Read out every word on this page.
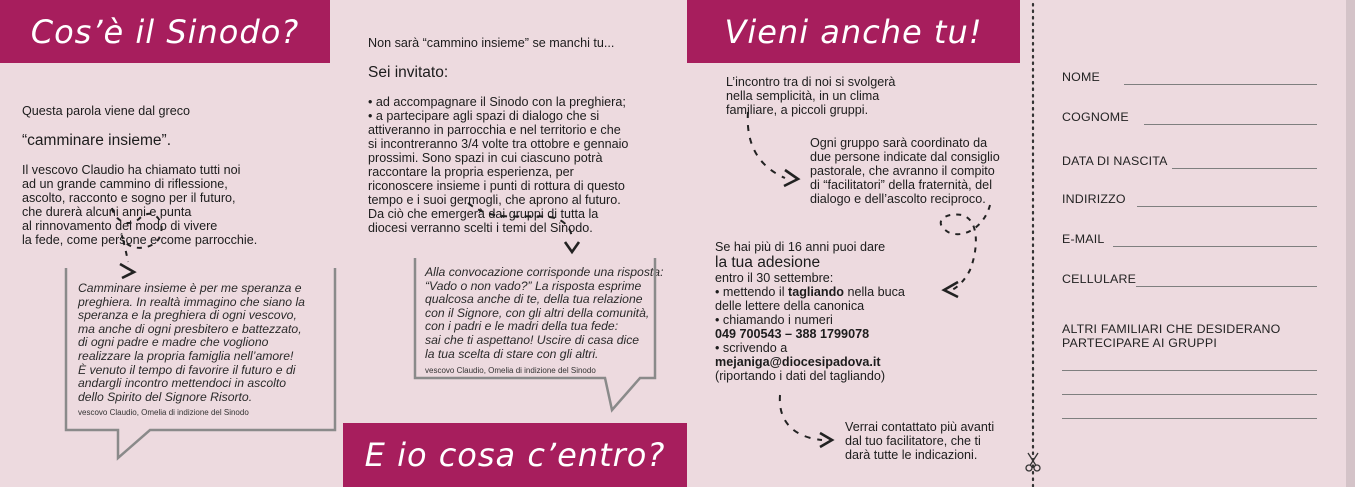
Cos’è il Sinodo?

Questa parola viene dal greco

“camminare insieme”.

Il vescovo Claudio ha chiamato tutti noi
ad un grande cammino di riflessione,
ascolto, racconto e sogno per il futuro,
che durerà alcuni anni e punta
al rinnovamento del modo di vivere
la fede, come persone e come parrocchie.

Camminare insieme è per me speranza e
preghiera. In realtà immagino che siano la
speranza e la preghiera di ogni vescovo,
ma anche di ogni presbitero e battezzato,
di ogni padre e madre che vogliono
realizzare la propria famiglia nell’amore!
È venuto il tempo di favorire il futuro e di
andargli incontro mettendoci in ascolto
dello Spirito del Signore Risorto.
vescovo Claudio, Omelia di indizione del Sinodo

Non sarà “cammino insieme” se manchi tu...

Sei invitato:

• ad accompagnare il Sinodo con la preghiera;
• a partecipare agli spazi di dialogo che si
attiveranno in parrocchia e nel territorio e che
si incontreranno 3/4 volte tra ottobre e gennaio
prossimi. Sono spazi in cui ciascuno potrà
raccontare la propria esperienza, per
riconoscere insieme i punti di rottura di questo
tempo e i suoi germogli, che aprono al futuro.
Da ciò che emergerà dai gruppi di tutta la
diocesi verranno scelti i temi del Sinodo.

Alla convocazione corrisponde una risposta:
“Vado o non vado?” La risposta esprime
qualcosa anche di te, della tua relazione
con il Signore, con gli altri della comunità,
con i padri e le madri della tua fede:
sai che ti aspettano! Uscire di casa dice
la tua scelta di stare con gli altri.
vescovo Claudio, Omelia di indizione del Sinodo
E io cosa c’entro?
Vieni anche tu!
L’incontro tra di noi si svolgerà
nella semplicità, in un clima
familiare, a piccoli gruppi.
Ogni gruppo sarà coordinato da
due persone indicate dal consiglio
pastorale, che avranno il compito
di “facilitatori” della fraternità, del
dialogo e dell’ascolto reciproco.
Se hai più di 16 anni puoi dare
la tua adesione
entro il 30 settembre:
• mettendo il tagliando nella buca
delle lettere della canonica
• chiamando i numeri
049 700543 – 388 1799078
• scrivendo a
mejaniga@diocesipadova.it
(riportando i dati del tagliando)
Verrai contattato più avanti
dal tuo facilitatore, che ti
darà tutte le indicazioni.
NOME
COGNOME
DATA DI NASCITA
INDIRIZZO
E-MAIL
CELLULARE
ALTRI FAMILIARI CHE DESIDERANO
PARTECIPARE AI GRUPPI
